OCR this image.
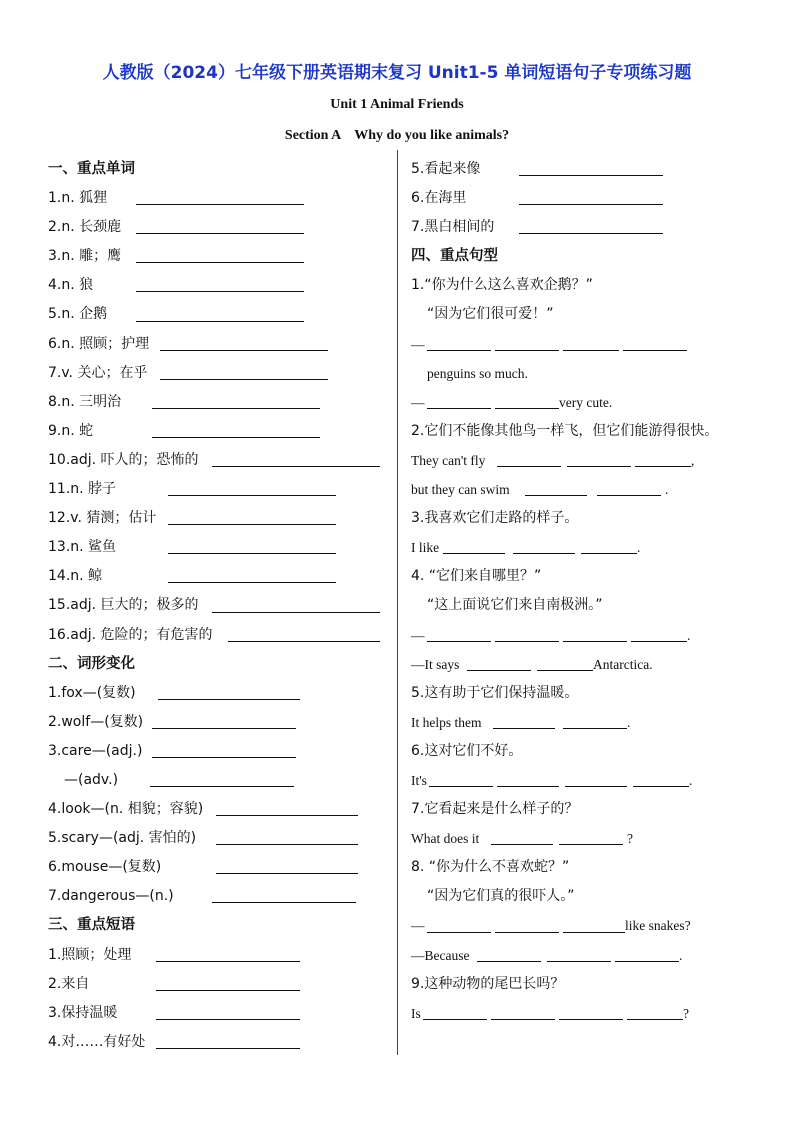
人教版（2024）七年级下册英语期末复习 Unit1-5 单词短语句子专项练习题
Unit 1 Animal Friends
Section A    Why do you like animals?
一、重点单词
1.n. 狐狸
2.n. 长颈鹿
3.n. 雕；鹰
4.n. 狼
5.n. 企鹅
6.n. 照顾；护理
7.v. 关心；在乎
8.n. 三明治
9.n. 蛇
10.adj. 吓人的；恐怖的
11.n. 脖子
12.v. 猜测；估计
13.n. 鲨鱼
14.n. 鲸
15.adj. 巨大的；极多的
16.adj. 危险的；有危害的
二、词形变化
1.fox—(复数)
2.wolf—(复数)
3.care—(adj.)
—(adv.)
4.look—(n. 相貌；容貌)
5.scary—(adj. 害怕的)
6.mouse—(复数)
7.dangerous—(n.)
三、重点短语
1.照顾；处理
2.来自
3.保持温暖
4.对……有好处
5.看起来像
6.在海里
7.黑白相间的
四、重点句型
1.“你为什么这么喜欢企鹅？”
“因为它们很可爱！”
—
penguins so much.
—	very cute.
2.它们不能像其他鸟一样飞，但它们能游得很快。
They can't fly	,
but they can swim	.
3.我喜欢它们走路的样子。
I like	.
4. “它们来自哪里？”
“这上面说它们来自南极洲。”
—	.
—It says	Antarctica.
5.这有助于它们保持温暖。
It helps them	.
6.这对它们不好。
It's	.
7.它看起来是什么样子的？
What does it	?
8. “你为什么不喜欢蛇？”
“因为它们真的很吓人。”
—	like snakes?
—Because	.
9.这种动物的尾巴长吗？
Is	?
